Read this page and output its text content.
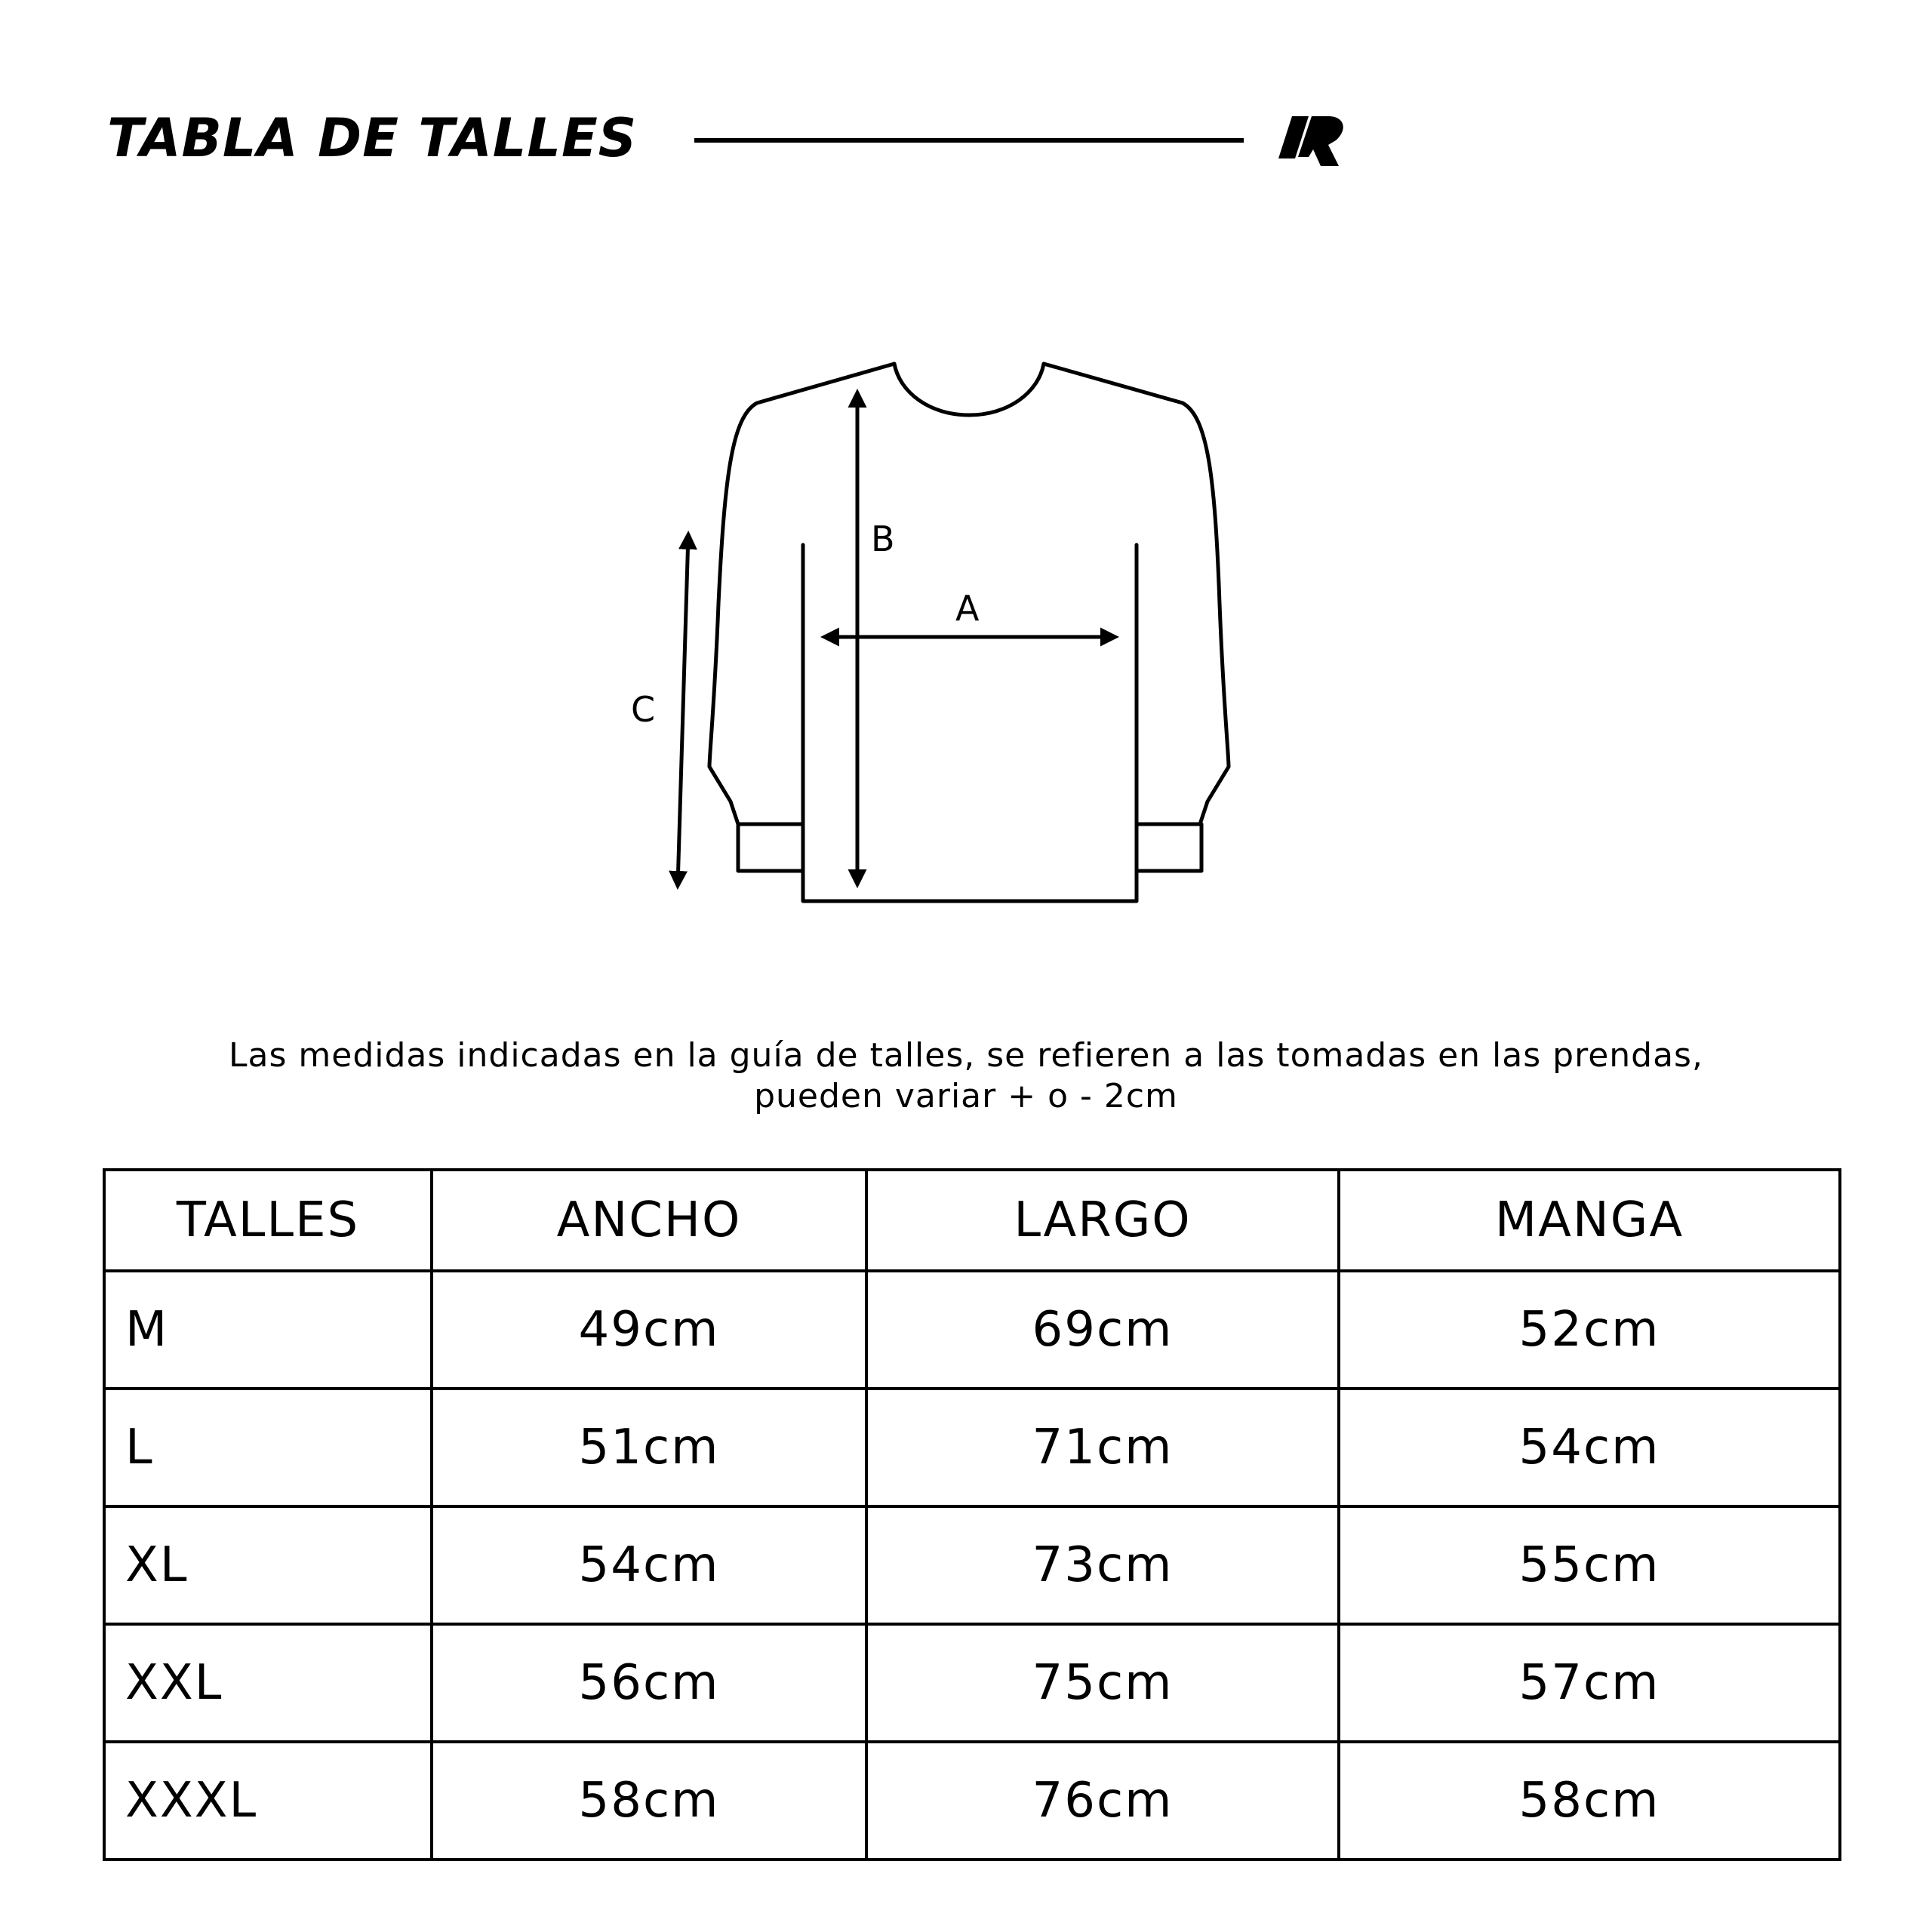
TABLA DE TALLES
A
B
C
Las medidas indicadas en la guía de talles, se refieren a las tomadas en las prendas,
pueden variar + o - 2cm
TALLES	ANCHO	LARGO	MANGA
M	49cm	69cm	52cm
L	51cm	71cm	54cm
XL	54cm	73cm	55cm
XXL	56cm	75cm	57cm
XXXL	58cm	76cm	58cm
